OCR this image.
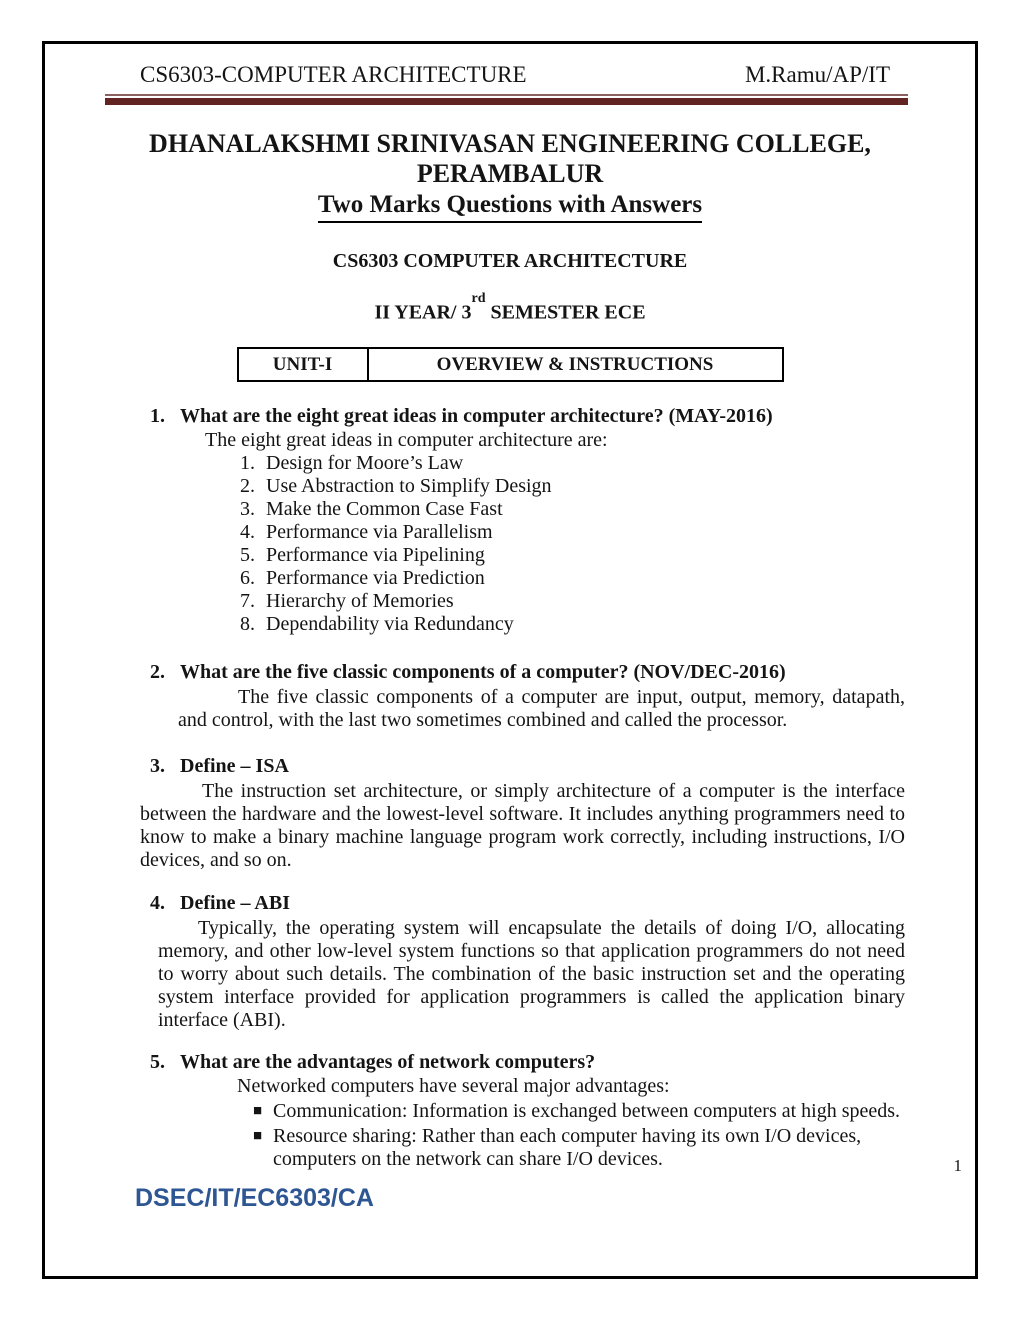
CS6303-COMPUTER ARCHITECTURE	M.Ramu/AP/IT
DHANALAKSHMI SRINIVASAN ENGINEERING COLLEGE,
PERAMBALUR
Two Marks Questions with Answers
CS6303 COMPUTER ARCHITECTURE
II YEAR/ 3rd SEMESTER ECE
UNIT-I	OVERVIEW & INSTRUCTIONS
1. What are the eight great ideas in computer architecture? (MAY-2016)
The eight great ideas in computer architecture are:
1. Design for Moore’s Law
2. Use Abstraction to Simplify Design
3. Make the Common Case Fast
4. Performance via Parallelism
5. Performance via Pipelining
6. Performance via Prediction
7. Hierarchy of Memories
8. Dependability via Redundancy
2. What are the five classic components of a computer? (NOV/DEC-2016)
The five classic components of a computer are input, output, memory, datapath, and control, with the last two sometimes combined and called the processor.
3. Define – ISA
The instruction set architecture, or simply architecture of a computer is the interface between the hardware and the lowest-level software. It includes anything programmers need to know to make a binary machine language program work correctly, including instructions, I/O devices, and so on.
4. Define – ABI
Typically, the operating system will encapsulate the details of doing I/O, allocating memory, and other low-level system functions so that application programmers do not need to worry about such details. The combination of the basic instruction set and the operating system interface provided for application programmers is called the application binary interface (ABI).
5. What are the advantages of network computers?
Networked computers have several major advantages:
■ Communication: Information is exchanged between computers at high speeds.
■ Resource sharing: Rather than each computer having its own I/O devices, computers on the network can share I/O devices.	1
DSEC/IT/EC6303/CA
